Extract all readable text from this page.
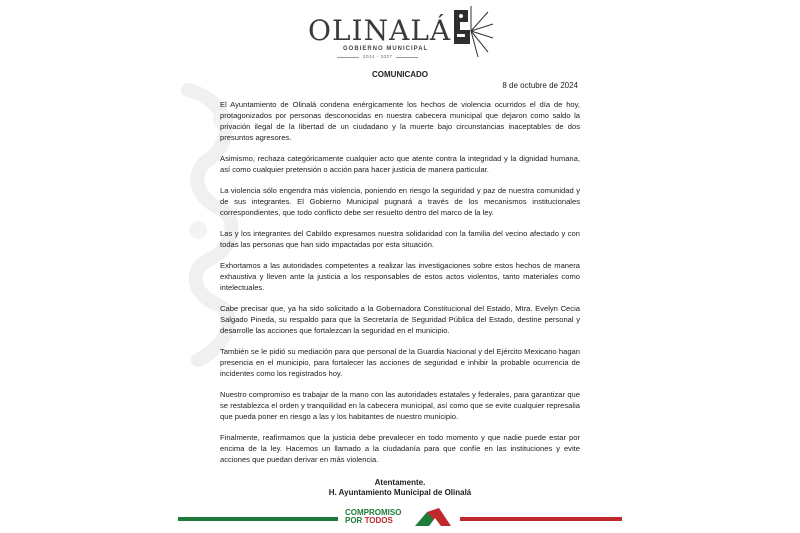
OLINALÁ
GOBIERNO MUNICIPAL
2024 - 2027
COMUNICADO
8 de octubre de 2024

El Ayuntamiento de Olinalá condena enérgicamente los hechos de violencia ocurridos el día de hoy, protagonizados por personas desconocidas en nuestra cabecera municipal que dejaron como saldo la privación ilegal de la libertad de un ciudadano y la muerte bajo circunstancias inaceptables de dos presuntos agresores.

Asimismo, rechaza categóricamente cualquier acto que atente contra la integridad y la dignidad humana, así como cualquier pretensión o acción para hacer justicia de manera particular.

La violencia sólo engendra más violencia, poniendo en riesgo la seguridad y paz de nuestra comunidad y de sus integrantes. El Gobierno Municipal pugnará a través de los mecanismos institucionales correspondientes, que todo conflicto debe ser resuelto dentro del marco de la ley.

Las y los integrantes del Cabildo expresamos nuestra solidaridad con la familia del vecino afectado y con todas las personas que han sido impactadas por esta situación.

Exhortamos a las autoridades competentes a realizar las investigaciones sobre estos hechos de manera exhaustiva y lleven ante la justicia a los responsables de estos actos violentos, tanto materiales como intelectuales.

Cabe precisar que, ya ha sido solicitado a la Gobernadora Constitucional del Estado, Mtra. Evelyn Cecia Salgado Pineda, su respaldo para que la Secretaría de Seguridad Pública del Estado, destine personal y desarrolle las acciones que fortalezcan la seguridad en el municipio.

También se le pidió su mediación para que personal de la Guardia Nacional y del Ejército Mexicano hagan presencia en el municipio, para fortalecer las acciones de seguridad e inhibir la probable ocurrencia de incidentes como los registrados hoy.

Nuestro compromiso es trabajar de la mano con las autoridades estatales y federales, para garantizar que se restablezca el orden y tranquilidad en la cabecera municipal, así como que se evite cualquier represalia que pueda poner en riesgo a las y los habitantes de nuestro municipio.

Finalmente, reafirmamos que la justicia debe prevalecer en todo momento y que nadie puede estar por encima de la ley. Hacemos un llamado a la ciudadanía para que confíe en las instituciones y evite acciones que puedan derivar en más violencia.

Atentamente.
H. Ayuntamiento Municipal de Olinalá
COMPROMISO
POR TODOS
